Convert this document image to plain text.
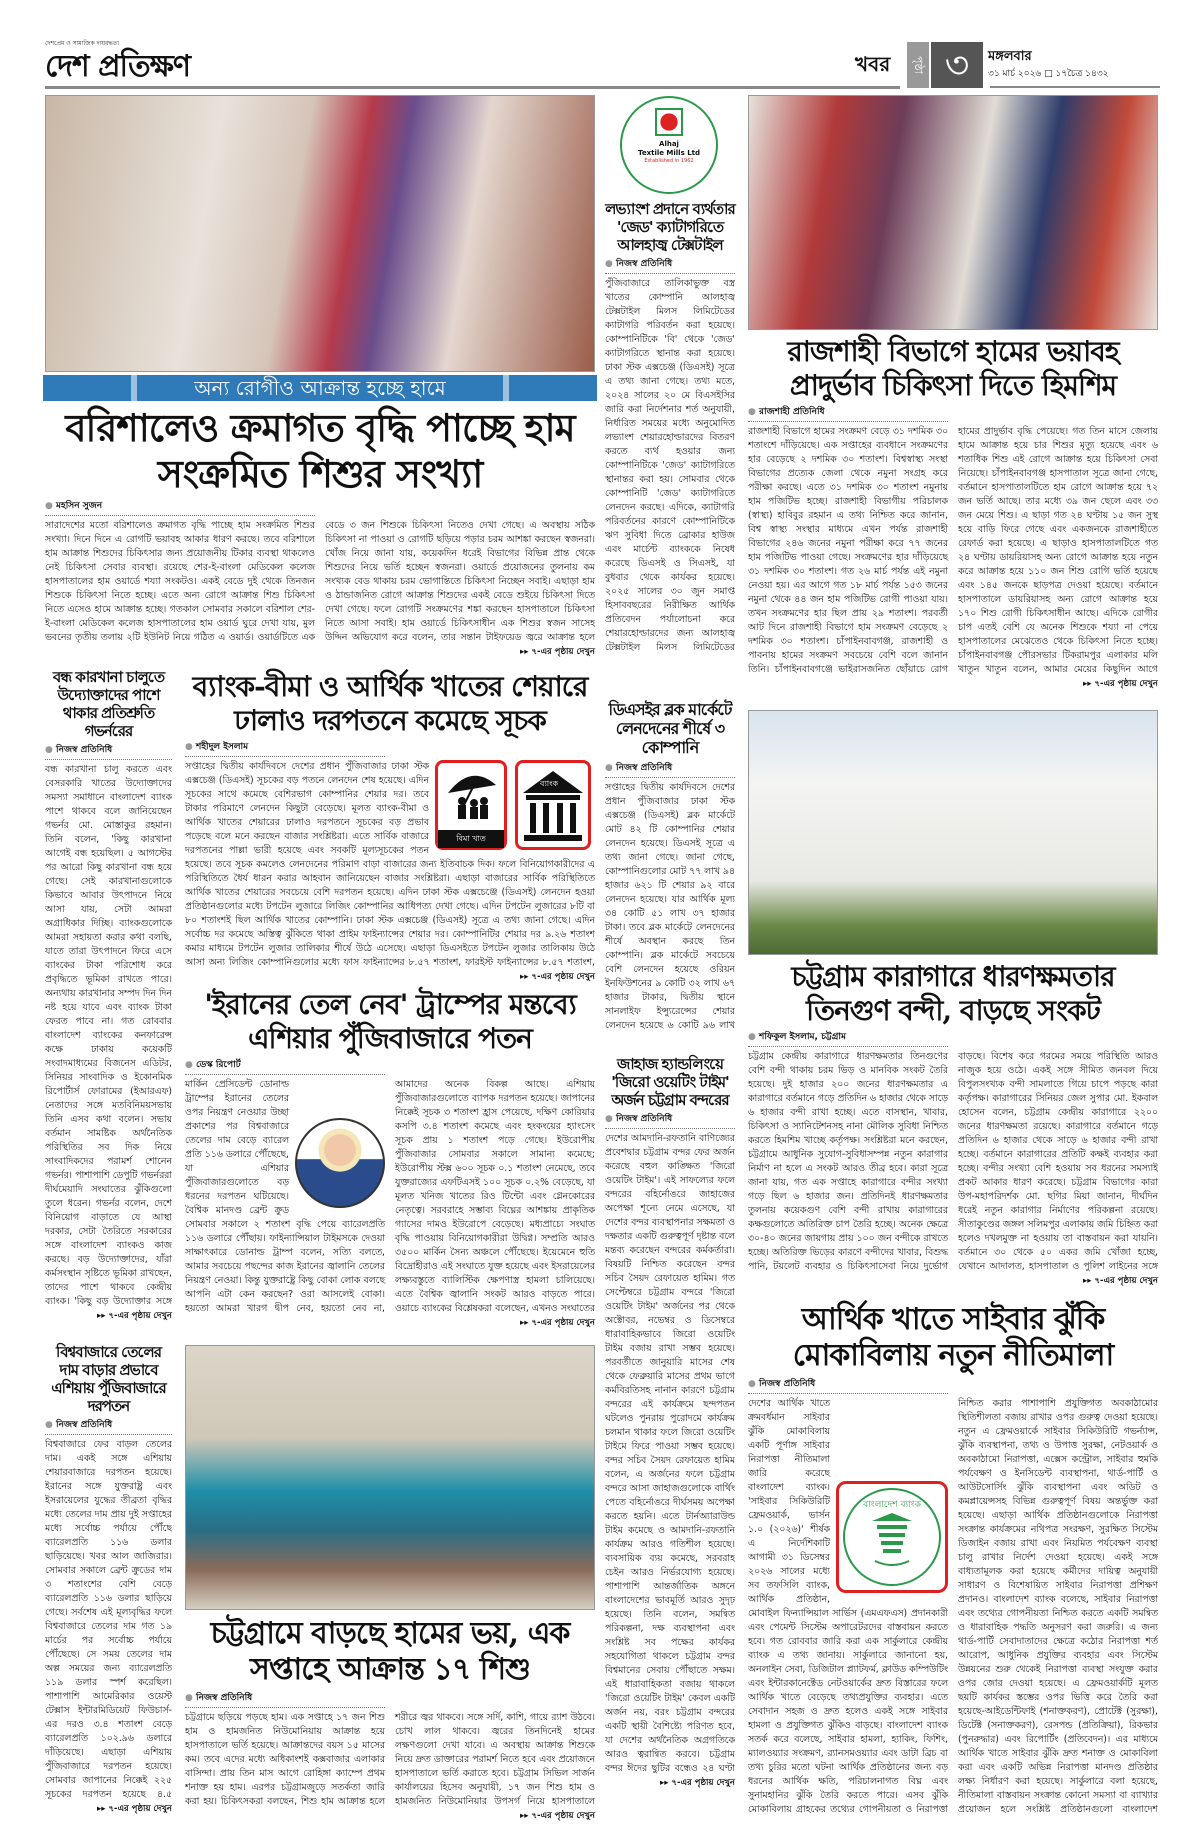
দেশপ্রেম ও সামাজিক দায়বদ্ধতা
দেশ প্রতিক্ষণ	খবর	পৃষ্ঠা ৩	মঙ্গলবার
৩১ মার্চ ২০২৬ □ ১৭চৈত্র ১৪৩২
অন্য রোগীও আক্রান্ত হচ্ছে হামে
বরিশালেও ক্রমাগত বৃদ্ধি পাচ্ছে হাম সংক্রমিত শিশুর সংখ্যা
● মহসিন সুজন
সারাদেশের মতো বরিশালেও ক্রমাগত বৃদ্ধি পাচ্ছে হাম সংক্রমিত শিশুর সংখ্যা। দিনে দিনে এ রোগটি ভয়াবহ আকার ধারণ করছে। তবে বরিশালে হাম আক্রান্ত শিশুদের চিকিৎসার জন্য প্রয়োজনীয় টিকার ব্যবস্থা থাকলেও নেই চিকিৎসা সেবার ব্যবস্থা। রয়েছে শের-ই-বাংলা মেডিকেল কলেজ হাসপাতালের হাম ওয়ার্ডে শয্যা সংকটও। একই বেডে দুই থেকে তিনজন শিশুকে চিকিৎসা নিতে হচ্ছে। এতে অন্য রোগে আক্রান্ত শিশু চিকিৎসা নিতে এসেও হামে আক্রান্ত হচ্ছে। গতকাল সোমবার সকালে বরিশাল শের-ই-বাংলা মেডিকেল কলেজ হাসপাতালের হাম ওয়ার্ড ঘুরে দেখা যায়, মুল ভবনের তৃতীয় তলায় ২টি ইউনিট নিয়ে গঠিত এ ওয়ার্ড। ওয়ার্ডটিতে এক বেডে ৩ জন শিশুকে চিকিৎসা নিতেও দেখা গেছে। এ অবস্থায় সঠিক চিকিৎসা না পাওয়া ও রোগটি ছড়িয়ে পড়ার চরম আশঙ্কা করছেন স্বজনরা। খোঁজ নিয়ে জানা যায়, কয়েকদিন ধরেই বিভাগের বিভিন্ন প্রান্ত থেকে শিশুদের নিয়ে ভর্তি হচ্ছেন স্বজনরা। ওয়ার্ডে প্রয়োজনের তুলনায় কম সংখ্যক বেড থাকায় চরম ভোগান্তিতে চিকিৎসা নিচ্ছেন সবাই। এছাড়া হাম ও ঠান্ডাজনিত রোগে আক্রান্ত শিশুদের একই বেডে শুইয়ে চিকিৎসা দিতে দেখা গেছে। ফলে রোগটি সংক্রমণের শঙ্কা করছেন হাসপাতালে চিকিৎসা নিতে আসা সবাই। হাম ওয়ার্ডে চিকিৎসাধীন এক শিশুর স্বজন সাসেহ উদ্দিন অভিযোগ করে বলেন, তার সন্তান টাইফয়েড জ্বরে আক্রান্ত হলে
▸▸ ৭-এর পৃষ্ঠায় দেখুন
বন্ধ কারখানা চালুতে উদ্যোক্তাদের পাশে থাকার প্রতিশ্রুতি গভর্নরের
● নিজস্ব প্রতিনিধি
বন্ধ কারখানা চালু করতে এবং বেসরকারি খাতের উদ্যোক্তাদের সমস্যা সমাধানে বাংলাদেশ ব্যাংক পাশে থাকবে বলে জানিয়েছেন গভর্নর মো. মোস্তাকুর রহমান। তিনি বলেন, 'কিছু কারখানা আগেই বন্ধ হয়েছিল। ৫ আগস্টের পর আরো কিছু কারখানা বন্ধ হয়ে গেছে। সেই কারখানাগুলোকে কিভাবে আবার উৎপাদনে নিয়ে আসা যায়, সেটা আমরা অগ্রাধিকার দিচ্ছি। ব্যাংকগুলোকে আমরা সহায়তা করার কথা বলছি, যাতে তারা উৎপাদনে ফিরে এসে ব্যাংকের টাকা পরিশোধ করে প্রবৃদ্ধিতে ভূমিকা রাখতে পারে। অন্যথায় কারখানার সম্পদ দিন দিন নষ্ট হয়ে যাবে এবং ব্যাংক টাকা ফেরত পাবে না। গত রোববার বাংলাদেশ ব্যাংকের কনফারেন্স কক্ষে ঢাকায় কয়েকটি সংবাদমাধ্যমের বিজনেস এডিটর, সিনিয়র সাংবাদিক ও ইকোনমিক রিপোর্টার্স ফোরামের (ইআরএফ) নেতাদের সঙ্গে মতবিনিময়সভায় তিনি এসব কথা বলেন। সভায় বর্তমান সামষ্টিক অর্থনৈতিক পরিস্থিতির সব দিক নিয়ে সাংবাদিকদের পরামর্শ শোনেন গভর্নর। পাশাপাশি ডেপুটি গভর্নররা দীর্ঘমেয়াদি সংঘাতের ঝুঁকিগুলো তুলে ধরেন। গভর্নর বলেন, দেশে বিনিয়োগ বাড়াতে যে আস্থা দরকার, সেটা তৈরিতে সরকারের সঙ্গে বাংলাদেশ ব্যাংকও কাজ করছে। বড় উদ্যোক্তাদের, যাঁরা কর্মসংস্থান সৃষ্টিতে ভূমিকা রাখছেন, তাদের পাশে থাকবে কেন্দ্রীয় ব্যাংক। 'কিছু বড় উদ্যোক্তার সঙ্গে
▸▸ ৭-এর পৃষ্ঠায় দেখুন
ব্যাংক-বীমা ও আর্থিক খাতের শেয়ারে ঢালাও দরপতনে কমেছে সূচক
● শহীদুল ইসলাম
বিমা খাত
ব্যাংক
সপ্তাহের দ্বিতীয় কার্যদিবসে দেশের প্রধান পুঁজিবাজার ঢাকা স্টক এক্সচেঞ্জ (ডিএসই) সূচকের বড় পতনে লেনদেন শেষ হয়েছে। এদিন সূচকের সাথে কমেছে বেশিরভাগ কোম্পানির শেয়ার দর। তবে টাকার পরিমাণে লেনদেন কিছুটা বেড়েছে। মূলত ব্যাংক-বীমা ও আর্থিক খাতের শেয়ারের ঢালাও দরপতনে সূচকের বড় প্রভাব পড়েছে বলে মনে করছেন বাজার সংশ্লিষ্টরা। এতে সার্বিক বাজারে দরপতনের পাল্লা ভারী হয়েছে এবং সবকটি মূল্যসূচকের পতন হয়েছে। তবে সূচক কমলেও লেনদেনের পরিমাণ বাড়া বাজারের জন্য ইতিবাচক দিক। ফলে বিনিয়োগকারীদের এ পরিস্থিতিতে ধৈর্য ধারন করার আহবান জানিয়েছেন বাজার সংশ্লিষ্টরা। এছাড়া বাজারের সার্বিক পরিস্থিতিতে আর্থিক খাতের শেয়ারের সবচেয়ে বেশি দরপতন হয়েছে। এদিন ঢাকা স্টক এক্সচেঞ্জে (ডিএসই) লেনদেন হওয়া প্রতিষ্ঠানগুলোর মধ্যে টপটেন লুজারে লিজিং কোম্পানির আধিপত্য দেখা গেছে। এদিন টপটেন লুজারের ৮টি বা ৮০ শতাংশই ছিল আর্থিক খাতের কোম্পানি। ঢাকা স্টক এক্সচেঞ্জ (ডিএসই) সূত্রে এ তথ্য জানা গেছে। এদিন সর্বোচ্চ দর কমেছে অস্তিত্ব ঝুঁকিতে থাকা প্রাইম ফাইন্যান্সের শেয়ার দর। কোম্পানিটির শেয়ার দর ৯.২৬ শতাংশ কমার মাধ্যমে টপটেন লুজার তালিকার শীর্ষে উঠে এসেছে। এছাড়া ডিএসইতে টপটেন লুজার তালিকায় উঠে আসা অন্য লিজিং কোম্পানিগুলোর মধ্যে ফাস ফাইন্যান্সের ৮.৫৭ শতাংশ, ফারইস্ট ফাইন্যান্সের ৮.৫৭ শতাংশ,
▸▸ ৭-এর পৃষ্ঠায় দেখুন
'ইরানের তেল নেব' ট্রাম্পের মন্তব্যে এশিয়ার পুঁজিবাজারে পতন
● ডেস্ক রিপোর্ট
মার্কিন প্রেসিডেন্ট ডোনাল্ড ট্রাম্পের ইরানের তেলের ওপর নিয়ন্ত্রণ নেওয়ার উচ্ছা প্রকাশের পর বিশ্ববাজারে তেলের দাম বেড়ে ব্যারেল প্রতি ১১৬ ডলারে পৌঁছেছে, যা এশিয়ার পুঁজিবাজারগুলোতে বড় ধরনের দরপতন ঘটিয়েছে। বৈশ্বিক মানদণ্ড ব্রেন্ট ক্রুড সোমবার সকালে ২ শতাংশ বৃদ্ধি পেয়ে ব্যারেলপ্রতি ১১৬ ডলারে পৌঁছায়। ফাইন্যান্সিয়াল টাইমসকে দেওয়া সাক্ষাৎকারে ডোনাল্ড ট্রাম্প বলেন, সত্যি বলতে, আমার সবচেয়ে পছন্দের কাজ ইরানের জ্বালানি তেলের নিয়ন্ত্রণ নেওয়া। কিন্তু যুক্তরাষ্ট্রে কিছু বোকা লোক বলছে আপনি এটা কেন করছেন? ওরা আসলেই বোকা। হয়তো আমরা খারগ দ্বীপ নেব, হয়তো নেব না, আমাদের অনেক বিকল্প আছে। এশিয়ায় পুঁজিবাজারগুলোতে ব্যাপক দরপতন হয়েছে। জাপানের নিক্কেই সূচক ৩ শতাংশ হ্রাস পেয়েছে, দক্ষিণ কোরিয়ার কসপি ৩.৪ শতাংশ কমেছে এবং হংকংয়ের হ্যাংসেং সূচক প্রায় ১ শতাংশ পড়ে গেছে। ইউরোপীয় পুঁজিবাজার সোমবার সকালে সামান্য কমেছে; ইউরোপীয় স্টক্স ৬০০ সূচক ০.১ শতাংশ নেমেছে, তবে যুক্তরাজ্যের এফটিএসই ১০০ সূচক ০.২% বেড়েছে, যা মূলত খনিজ খাতের রিও টিন্টো এবং গ্লেনকোরের নেতৃত্বে। সরবরাহে সম্ভাব্য বিঘ্নের আশঙ্কায় প্রাকৃতিক গ্যাসের দামও ইউরোপে বেড়েছে। মধ্যপ্রাচ্যে সংঘাত বৃদ্ধি পাওয়ায় বিনিয়োগকারীরা উদ্বিগ্ন। সম্প্রতি আরও ৩৫০০ মার্কিন সৈন্য অঞ্চলে পৌঁছেছে। ইয়েমেনে হুতি বিদ্রোহীরাও এই সংঘাতে যুক্ত হয়েছে এবং ইসরায়েলের লক্ষ্যবস্তুতে ব্যালিস্টিক ক্ষেপণাস্ত্র হামলা চালিয়েছে। এতে বৈশ্বিক জ্বালানি সংকট আরও বাড়তে পারে। ওয়াচে ব্যাংকের বিশ্লেষকরা বলেছেন, এখনও সংঘাতের
▸▸ ৭-এর পৃষ্ঠায় দেখুন
বিশ্ববাজারে তেলের দাম বাড়ার প্রভাবে এশিয়ায় পুঁজিবাজারে দরপতন
● নিজস্ব প্রতিনিধি
বিশ্ববাজারে ফের বাড়ল তেলের দাম। একই সঙ্গে এশিয়ায় শেয়ারবাজারে দরপতন হয়েছে। ইরানের সঙ্গে যুক্তরাষ্ট্র এবং ইসরায়েলের যুদ্ধের তীব্রতা বৃদ্ধির মধ্যে তেলের দাম প্রায় দুই সপ্তাহের মধ্যে সর্বোচ্চ পর্যায়ে পৌঁছে ব্যারেলপ্রতি ১১৬ ডলার ছাড়িয়েছে। খবর আল জাজিরার। সোমবার সকালে ব্রেন্ট ক্রুডের দাম ৩ শতাংশের বেশি বেড়ে ব্যারেলপ্রতি ১১৬ ডলার ছাড়িয়ে গেছে। সর্বশেষ এই মূল্যবৃদ্ধির ফলে বিশ্ববাজারে তেলের দাম গত ১৯ মার্চের পর সর্বোচ্চ পর্যায়ে পৌঁছেছে। সে সময় তেলের দাম অল্প সময়ের জন্য ব্যারেলপ্রতি ১১৯ ডলার স্পর্শ করেছিল। পাশাপাশি আমেরিকার ওয়েস্ট টেক্সাস ইন্টারমিডিয়েট ফিউচার্স-এর দরও ৩.৪ শতাংশ বেড়ে ব্যারেলপ্রতি ১০২.৯৬ ডলারে দাঁড়িয়েছে। এছাড়া এশিয়ায় পুঁজিবাজারে দরপতন হয়েছে। সোমবার জাপানের নিক্কেই ২২৫ সূচকের দরপতন হয়েছে ৪.৫
▸▸ ৭-এর পৃষ্ঠায় দেখুন
চট্টগ্রামে বাড়ছে হামের ভয়, এক সপ্তাহে আক্রান্ত ১৭ শিশু
● নিজস্ব প্রতিনিধি
চট্টগ্রামে ছড়িয়ে পড়ছে হাম। এক সপ্তাহে ১৭ জন শিশু হাম ও হামজনিত নিউমোনিয়ায় আক্রান্ত হয়ে হাসপাতালে ভর্তি হয়েছে। আক্রান্তদের বয়স ১৫ মাসের কম। তবে এদের মধ্যে অধিকাংশই কক্সবাজার এলাকার বাসিন্দা। প্রায় তিন মাস আগে রোহিঙ্গা ক্যাম্পে প্রথম শনাক্ত হয় হাম। এরপর চট্টগ্রামজুড়ে সতর্কতা জারি করা হয়। চিকিৎসকরা বলছেন, শিশু হাম আক্রান্ত হলে শরীরে জ্বর থাকবে। সঙ্গে সর্দি, কাশি, গায়ে র‍্যাশ উঠবে। চোখ লাল থাকবে। জ্বরের তিনদিনেই হামের লক্ষণগুলো দেখা যাবে। এ অবস্থায় আক্রান্ত শিশুকে নিয়ে দ্রুত ডাক্তারের পরামর্শ নিতে হবে এবং প্রয়োজনে হাসপাতালে ভর্তি করাতে হবে। চট্টগ্রাম সিভিল সার্জন কার্যালয়ের হিসেব অনুযায়ী, ১৭ জন শিশু হাম ও হামজনিত নিউমোনিয়ার উপসর্গ নিয়ে হাসপাতালে
▸▸ ৭-এর পৃষ্ঠায় দেখুন
Alhaj
Textile Mills Ltd
Established in 1962
লভ্যাংশ প্রদানে ব্যর্থতার 'জেড' ক্যাটাগরিতে আলহাজ্ব টেক্সটাইল
● নিজস্ব প্রতিনিধি
পুঁজিবাজারে তালিকাভুক্ত বস্ত্র খাতের কোম্পানি আলহাজ্ব টেক্সটাইল মিলস লিমিটেডের ক্যাটাগরি পরিবর্তন করা হয়েছে। কোম্পানিটিকে 'বি' থেকে 'জেড' ক্যাটাগরিতে স্থানান্ত করা হয়েছে। ঢাকা স্টক এক্সচেঞ্জ (ডিএসই) সূত্রে এ তথ্য জানা গেছে। তথ্য মতে, ২০২৪ সালের ২০ মে বিএসইসির জারি করা নির্দেশনার শর্ত অনুযায়ী, নির্ধারিত সময়ের মধ্যে অনুমোদিত লভ্যাংশ শেয়ারহোল্ডারদের বিতরণ করতে ব্যর্থ হওয়ার জন্য কোম্পানিটিকে 'জেড' ক্যাটাগরিতে স্থানান্তর করা হয়। সোমবার থেকে কোম্পানিটি 'জেড' ক্যাটাগরিতে লেনদেন করছে। এদিকে, ক্যাটাগরি পরিবর্তনের কারণে কোম্পানিটিকে ঋণ সুবিধা দিতে ব্রোকার হাউজ এবং মার্চেন্ট ব্যাংককে নিষেধ করেছে ডিএসই ও সিএসই, যা বুধবার থেকে কার্যকর হয়েছে। ২০২৫ সালের ৩০ জুন সমাপ্ত হিসাববছরের নিরীক্ষিত আর্থিক প্রতিবেদন পর্যালোচনা করে শেয়ারহোল্ডারদের জন্য আলহাজ্ব টেক্সটাইল মিলস লিমিটেডের
ডিএসইর ব্লক মার্কেটে লেনদেনের শীর্ষে ৩ কোম্পানি
● নিজস্ব প্রতিনিধি
সপ্তাহের দ্বিতীয় কার্যদিবসে দেশের প্রধান পুঁজিবাজার ঢাকা স্টক এক্সচেঞ্জ (ডিএসই) ব্লক মার্কেটে মোট ৪২ টি কোম্পানির শেয়ার লেনদেন হয়েছে। ডিএসই সূত্রে এ তথ্য জানা গেছে। জানা গেছে, কোম্পানিগুলোর মোট ৭৭ লাখ ৯৪ হাজার ৬২১ টি শেয়ার ৯২ বারে লেনদেন হয়েছে। যার আর্থিক মূল্য ৩৪ কোটি ৫১ লাখ ৩৭ হাজার টাকা। তবে ব্লক মার্কেটে লেনদেনের শীর্ষে অবস্থান করছে তিন কোম্পানি। ব্লক মার্কেটে সবচেয়ে বেশি লেনদেন হয়েছে ওরিয়ন ইনফিউশনের ৯ কোটি ৩২ লাখ ৬৭ হাজার টাকার, দ্বিতীয় স্থানে সানলাইফ ইন্স্যুরেন্সের শেয়ার লেনদেন হয়েছে ৬ কোটি ৯৬ লাখ
জাহাজ হ্যান্ডলিংয়ে 'জিরো ওয়েটিং টাইম' অর্জন চট্টগ্রাম বন্দরের
● নিজস্ব প্রতিনিধি
দেশের আমদানি-রফতানি বাণিজ্যের প্রবেশদ্বার চট্টগ্রাম বন্দর ফের অর্জন করেছে বহুল কাঙ্ক্ষিত 'জিরো ওয়েটিং টাইম'। এই সাফল্যের ফলে বন্দরের বহির্নোঙরে জাহাজের অপেক্ষা শূন্যে নেমে এসেছে, যা দেশের বন্দর ব্যবস্থাপনার সক্ষমতা ও দক্ষতার একটি গুরুত্বপূর্ণ দৃষ্টান্ত বলে মন্তব্য করেছেন বন্দরের কর্মকর্তারা। বিষয়টি নিশ্চিত করেছেন বন্দর সচিব সৈয়দ রেফায়েত হামিম। গত সেপ্টেম্বরে চট্টগ্রাম বন্দরে 'জিরো ওয়েটিং টাইম' অর্জনের পর থেকে অক্টোবর, নভেম্বর ও ডিসেম্বরে ধারাবাহিকভাবে জিরো ওয়েটিং টাইম বজায় রাখা সম্ভব হয়েছে। পরবর্তীতে জানুয়ারি মাসের শেষ থেকে ফেব্রুয়ারি মাসের প্রথম ভাগে কর্মবিরতিসহ নানান কারণে চট্টগ্রাম বন্দরের এই কার্যক্রমে ছন্দপতন ঘটলেও পুনরায় পুরোদমে কার্যক্রম চলমান থাকার ফলে জিরো ওয়েটিং টাইমে ফিরে পাওয়া সম্ভব হয়েছে। বন্দর সচিব সৈয়দ রেফায়েত হামিম বলেন, এ অর্জনের ফলে চট্টগ্রাম বন্দরে আসা জাহাজগুলোকে বার্থিং পেতে বহির্নোঙরে দীর্ঘসময় অপেক্ষা করতে হয়নি। এতে টার্নঅ্যারাউন্ড টাইম কমেছে ও আমদানি-রফতানি কার্যক্রম আরও গতিশীল হয়েছে। ব্যবসায়িক ব্যয় কমেছে, সরবরাহ চেইন আরও নির্ভরযোগ্য হয়েছে। পাশাপাশি আন্তর্জাতিক অঙ্গনে বাংলাদেশের ভাবমূর্তি আরও সুদৃঢ় হয়েছে। তিনি বলেন, সমন্বিত পরিকল্পনা, দক্ষ ব্যবস্থাপনা এবং সংশ্লিষ্ট সব পক্ষের কার্যকর সহযোগিতা থাকলে চট্টগ্রাম বন্দর বিশ্বমানের সেবায় পৌঁছাতে সক্ষম। এই ধারাবাহিকতা বজায় থাকলে 'জিরো ওয়েটিং টাইম' কেবল একটি অর্জন নয়, বরং চট্টগ্রাম বন্দরের একটি স্থায়ী বৈশিষ্ট্যে পরিণত হবে, যা দেশের অর্থনৈতিক অগ্রগতিকে আরও ত্বরান্বিত করবে। চট্টগ্রাম বন্দর ঈদের ছুটির বন্ধেও ২৪ ঘণ্টা
▸▸ ৭-এর পৃষ্ঠায় দেখুন
রাজশাহী বিভাগে হামের ভয়াবহ প্রাদুর্ভাব চিকিৎসা দিতে হিমশিম
● রাজশাহী প্রতিনিধি
রাজশাহী বিভাগে হামের সংক্রমণ বেড়ে ৩১ দশমিক ৩০ শতাংশে দাঁড়িয়েছে। এক সপ্তাহের ব্যবধানে সংক্রমণের হার বেড়েছে ২ দশমিক ৩০ শতাংশ। বিশ্বস্বাস্থ্য সংস্থা বিভাগের প্রত্যেক জেলা থেকে নমুনা সংগ্রহ করে পরীক্ষা করছে। এতে ৩১ দশমিক ৩০ শতাংশ নমুনায় হাম পজিটিভ হচ্ছে। রাজশাহী বিভাগীয় পরিচালক (স্বাস্থ্য) হাবিবুর রহমান এ তথ্য নিশ্চিত করে জানান, বিশ্ব স্বাস্থ্য সংস্থার মাধ্যমে এখন পর্যন্ত রাজশাহী বিভাগের ২৪৬ জনের নমুনা পরীক্ষা করে ৭৭ জনের হাম পজিটিভ পাওয়া গেছে। সংক্রমণের হার দাঁড়িয়েছে ৩১ দশমিক ৩০ শতাংশ। গত ২৬ মার্চ পর্যন্ত এই নমুনা নেওয়া হয়। এর আগে গত ১৮ মার্চ পর্যন্ত ১৫৩ জনের নমুনা থেকে ৪৪ জন হাম পজিটিভ রোগী পাওয়া যায়। তখন সংক্রমণের হার ছিল প্রায় ২৯ শতাংশ। পরবর্তী আট দিনে রাজশাহী বিভাগে হাম সংক্রমণ বেড়েছে ২ দশমিক ৩০ শতাংশ। চাঁপাইনবাবগঞ্জ, রাজশাহী ও পাবনায় হামের সংক্রমণ সবচেয়ে বেশি বলে জানান তিনি। চাঁপাইনবাবগঞ্জে ভাইরাসজনিত ছোঁয়াচে রোগ হামের প্রাদুর্ভাব বৃদ্ধি পেয়েছে। গত তিন মাসে জেলায় হামে আক্রান্ত হয়ে চার শিশুর মৃত্যু হয়েছে এবং ৬ শতাধিক শিশু এই রোগে আক্রান্ত হয়ে চিকিৎসা সেবা নিয়েছে। চাঁপাইনবাবগঞ্জ হাসপাতাল সূত্রে জানা গেছে, বর্তমানে হাসপাতালটিতে হাম রোগে আক্রান্ত হয়ে ৭২ জন ভর্তি আছে। তার মধ্যে ৩৯ জন ছেলে এবং ৩৩ জন মেয়ে শিশু। এ ছাড়া গত ২৪ ঘণ্টায় ১৫ জন সুস্থ হয়ে বাড়ি ফিরে গেছে এবং একজনকে রাজশাহীতে রেফার্ড করা হয়েছে। এ ছাড়াও হাসপাতালটিতে গত ২৪ ঘণ্টায় ডায়রিয়াসহ অন্য রোগে আক্রান্ত হয়ে নতুন করে আক্রান্ত হয়ে ১১০ জন শিশু রোগি ভর্তি হয়েছে এবং ১৪৫ জনকে ছাড়পত্র দেওয়া হয়েছে। বর্তমানে হাসপাতালে ডায়রিয়াসহ অন্য রোগে আক্রান্ত হয়ে ১৭০ শিশু রোগী চিকিৎসাধীন আছে। এদিকে রোগীর চাপ এতই বেশি যে অনেক শিশুকে শয্যা না পেয়ে হাসপাতালের মেঝেতেও থেকে চিকিৎসা নিতে হচ্ছে। চাঁপাইনবাবগঞ্জ পৌরসভার টিকরামপুর এলাকার মলি খাতুন খাতুন বলেন, আমার মেয়ের কিছুদিন আগে
▸▸ ৭-এর পৃষ্ঠায় দেখুন
চট্টগ্রাম কারাগারে ধারণক্ষমতার তিনগুণ বন্দী, বাড়ছে সংকট
● শফিকুল ইসলাম, চট্টগ্রাম
চট্টগ্রাম কেন্দ্রীয় কারাগারে ধারণক্ষমতার তিনগুণের বেশি বন্দী থাকায় চরম ভিড় ও মানবিক সংকট তৈরি হয়েছে। দুই হাজার ২০০ জনের ধারণক্ষমতার এ কারাগারে বর্তমানে গড়ে প্রতিদিন ৬ হাজার থেকে সাড়ে ৬ হাজার বন্দী রাখা হচ্ছে। এতে বাসস্থান, খাবার, চিকিৎসা ও স্যানিটেশনসহ নানা মৌলিক সুবিধা নিশ্চিত করতে হিমশিম খাচ্ছে কর্তৃপক্ষ। সংশ্লিষ্টরা মনে করছেন, চট্টগ্রামে আধুনিক সুযোগ-সুবিধাসম্পন্ন নতুন কারাগার নির্মাণ না হলে এ সংকট আরও তীব্র হবে। কারা সূত্রে জানা যায়, গত এক সপ্তাহে কারাগারে বন্দীর সংখ্যা গড়ে ছিল ৬ হাজার জন। প্রতিদিনই ধারণক্ষমতার তুলনায় কয়েকগুণ বেশি বন্দী রাখায় কারাগারের কক্ষগুলোতে অতিরিক্ত চাপ তৈরি হচ্ছে। অনেক ক্ষেত্রে ৩০-৪০ জনের জায়গায় প্রায় ১০০ জন বন্দীকে রাখতে হচ্ছে। অতিরিক্ত ভিড়ের কারণে বন্দীদের খাবার, বিশুদ্ধ পানি, টয়লেট ব্যবহার ও চিকিৎসাসেবা নিয়ে দুর্ভোগ বাড়ছে। বিশেষ করে গরমের সময়ে পরিস্থিতি আরও নাজুক হয়ে ওঠে। একই সঙ্গে সীমিত জনবল দিয়ে বিপুলসংখ্যক বন্দী সামলাতে গিয়ে চাপে পড়ছে কারা কর্তৃপক্ষ। কারাগারের সিনিয়র জেল সুপার মো. ইকবাল হোসেন বলেন, চট্টগ্রাম কেন্দ্রীয় কারাগারে ২২০০ জনের ধারণক্ষমতা রয়েছে। কারাগারে বর্তমানে গড়ে প্রতিদিন ৬ হাজার থেকে সাড়ে ৬ হাজার বন্দী রাখা হচ্ছে। বর্তমানে কারাগারের প্রতিটি কক্ষই ব্যবহার করা হচ্ছে। বন্দীর সংখ্যা বেশি হওয়ায় সব ধরনের সমস্যাই প্রকট আকার ধারণ করেছে। চট্টগ্রাম বিভাগের কারা উপ-মহাপরিদর্শক মো. ছগির মিয়া জানান, দীর্ঘদিন ধরেই নতুন কারাগার নির্মাণের পরিকল্পনা রয়েছে। সীতাকুণ্ডের জঙ্গল সলিমপুর এলাকায় জমি চিহ্নিত করা হলেও দখলমুক্ত না হওয়ায় তা বাস্তবায়ন করা যায়নি। বর্তমানে ৩০ থেকে ৫০ একর জমি খোঁজা হচ্ছে, যেখানে আদালত, হাসপাতাল ও পুলিশ লাইনের সঙ্গে
▸▸ ৭-এর পৃষ্ঠায় দেখুন
আর্থিক খাতে সাইবার ঝুঁকি মোকাবিলায় নতুন নীতিমালা
● নিজস্ব প্রতিনিধি
বাংলাদেশ ব্যাংক
দেশের আর্থিক খাতে ক্রমবর্ধমান সাইবার ঝুঁকি মোকাবিলায় একটি পূর্ণাঙ্গ সাইবার নিরাপত্তা নীতিমালা জারি করেছে বাংলাদেশ ব্যাংক। 'সাইবার সিকিউরিটি ফ্রেমওয়ার্ক, ভার্সন ১.০ (২০২৬)' শীর্ষক এ নির্দেশিকাটি আগামী ৩১ ডিসেম্বর ২০২৬ সালের মধ্যে সব তফসিলি ব্যাংক, আর্থিক প্রতিষ্ঠান, মোবাইল ফিন্যান্সিয়াল সার্ভিস (এমএফএস) প্রদানকারী এবং পেমেন্ট সিস্টেম অপারেটরদের বাস্তবায়ন করতে হবে। গত রোববার জারি করা এক সার্কুলারে কেন্দ্রীয় ব্যাংক এ তথ্য জানায়। সার্কুলারে জানানো হয়, অনলাইন সেবা, ডিজিটাল প্ল্যাটফর্ম, ক্লাউড কম্পিউটিং এবং ইন্টারকানেক্টেড নেটওয়ার্কের দ্রুত বিস্তারের ফলে আর্থিক খাতে বেড়েছে তথ্যপ্রযুক্তির ব্যবহার। এতে সেবাদান সহজ ও দ্রুত হলেও একই সঙ্গে সাইবার হামলা ও প্রযুক্তিগত ঝুঁকিও বাড়ছে। বাংলাদেশ ব্যাংক সতর্ক করে বলেছে, সাইবার হামলা, হ্যাকিং, ফিশিং, ম্যালওয়্যার সংক্রমণ, র‍্যানসমওয়্যার এবং ডাটা ব্রিচ বা তথ্য চুরির মতো ঘটনা আর্থিক প্রতিষ্ঠানের জন্য বড় ধরনের আর্থিক ক্ষতি, পরিচালনাগত বিঘ্ন এবং সুনামহানির ঝুঁকি তৈরি করতে পারে। এসব ঝুঁকি মোকাবিলায় গ্রাহকের তথ্যের গোপনীয়তা ও নিরাপত্তা নিশ্চিত করার পাশাপাশি প্রযুক্তিগত অবকাঠামোর স্থিতিশীলতা বজায় রাখার ওপর গুরুত্ব দেওয়া হয়েছে। নতুন এ ফ্রেমওয়ার্কে সাইবার সিকিউরিটি গভর্ন্যান্স, ঝুঁকি ব্যবস্থাপনা, তথ্য ও উপাত্ত সুরক্ষা, নেটওয়ার্ক ও অবকাঠামো নিরাপত্তা, এক্সেস কন্ট্রোল, সাইবার হুমকি পর্যবেক্ষণ ও ইনসিডেন্ট ব্যবস্থাপনা, থার্ড-পার্টি ও আউটসোর্সিং ঝুঁকি ব্যবস্থাপনা এবং অডিট ও কমপ্লায়েন্সসহ বিভিন্ন গুরুত্বপূর্ণ বিষয় অন্তর্ভুক্ত করা হয়েছে। এছাড়া আর্থিক প্রতিষ্ঠানগুলোকে নিরাপত্তা সংক্রান্ত কার্যক্রমের নথিপত্র সংরক্ষণ, সুরক্ষিত সিস্টেম ডিজাইন বজায় রাখা এবং নিয়মিত পর্যবেক্ষণ ব্যবস্থা চালু রাখার নির্দেশ দেওয়া হয়েছে। একই সঙ্গে বাধ্যতামূলক করা হয়েছে কর্মীদের দায়িত্ব অনুযায়ী সাধারণ ও বিশেষায়িত সাইবার নিরাপত্তা প্রশিক্ষণ প্রদানও। বাংলাদেশ ব্যাংক বলেছে, সাইবার নিরাপত্তা এবং তথ্যের গোপনীয়তা নিশ্চিত করতে একটি সমন্বিত ও ধারাবাহিক পদ্ধতি অনুসরণ করা জরুরি। এ জন্য থার্ড-পার্টি সেবাদাতাদের ক্ষেত্রে কঠোর নিরাপত্তা শর্ত আরোপ, আধুনিক প্রযুক্তির ব্যবহার এবং সিস্টেম উন্নয়নের শুরু থেকেই নিরাপত্তা ব্যবস্থা সংযুক্ত করার ওপর জোর দেওয়া হয়েছে। এ ফ্রেমওয়ার্কটি মূলত ছয়টি কার্যকর স্তম্ভের ওপর ভিত্তি করে তৈরি করা হয়েছে-আইডেন্টিফাই (শনাক্তকরণ), প্রোটেক্ট (সুরক্ষা), ডিটেক্ট (সনাক্তকরণ), রেসপন্ড (প্রতিক্রিয়া), রিকভার (পুনরুদ্ধার) এবং রিপোর্টিং (প্রতিবেদন)। এর মাধ্যমে আর্থিক খাতে সাইবার ঝুঁকি দ্রুত শনাক্ত ও মোকাবিলা করা এবং একটি অভিন্ন নিরাপত্তা মানদণ্ড প্রতিষ্ঠার লক্ষ্য নির্ধারণ করা হয়েছে। সার্কুলারে বলা হয়েছে, নীতিমালা বাস্তবায়ন সংক্রান্ত কোনো সমস্যা বা ব্যাখ্যার প্রয়োজন হলে সংশ্লিষ্ট প্রতিষ্ঠানগুলো বাংলাদেশ
